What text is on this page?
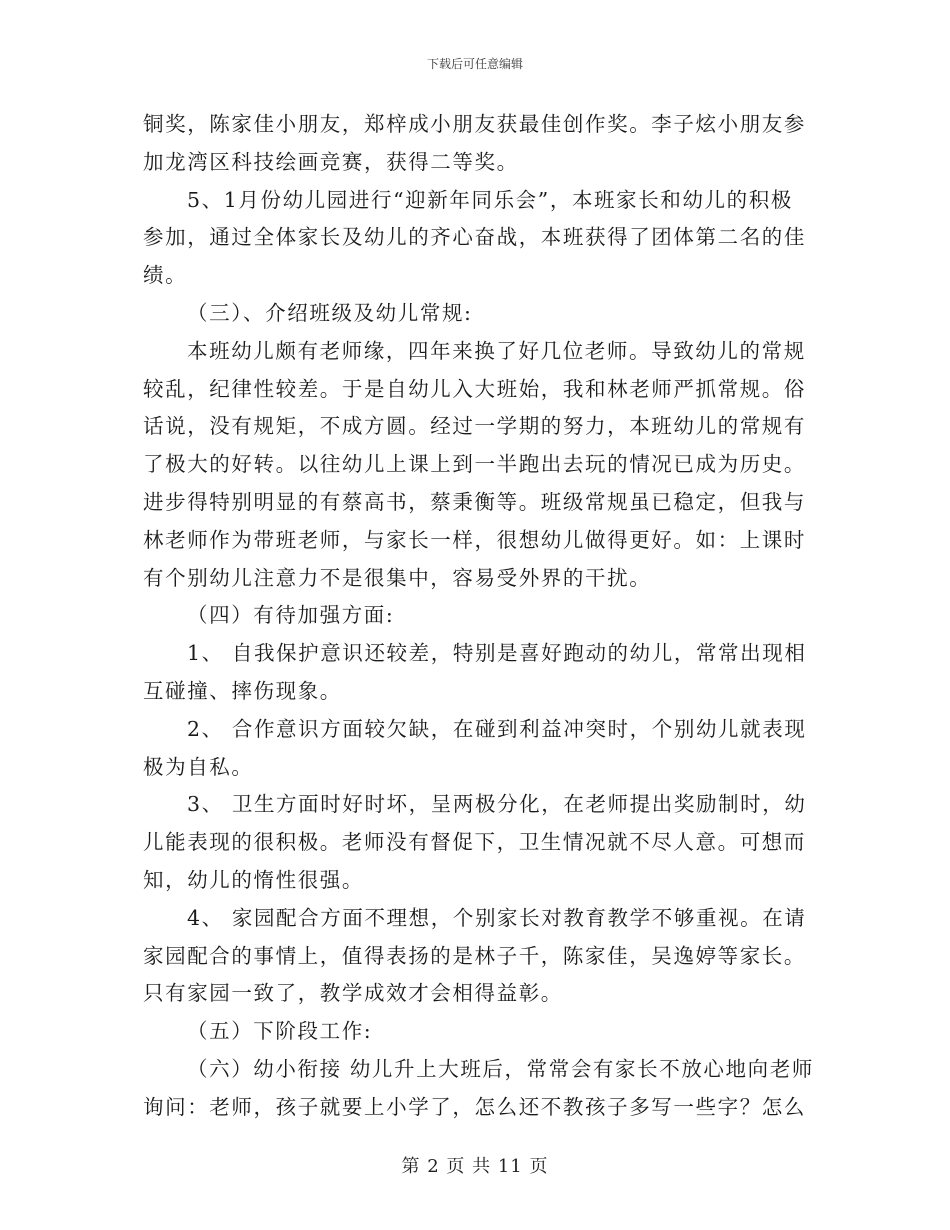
下载后可任意编辑
铜奖，陈家佳小朋友，郑梓成小朋友获最佳创作奖。李子炫小朋友参
加龙湾区科技绘画竞赛，获得二等奖。
5、1月份幼儿园进行“迎新年同乐会”，本班家长和幼儿的积极
参加，通过全体家长及幼儿的齐心奋战，本班获得了团体第二名的佳
绩。
（三）、介绍班级及幼儿常规:
本班幼儿颇有老师缘，四年来换了好几位老师。导致幼儿的常规
较乱，纪律性较差。于是自幼儿入大班始，我和林老师严抓常规。俗
话说，没有规矩，不成方圆。经过一学期的努力，本班幼儿的常规有
了极大的好转。以往幼儿上课上到一半跑出去玩的情况已成为历史。
进步得特别明显的有蔡高书，蔡秉衡等。班级常规虽已稳定，但我与
林老师作为带班老师，与家长一样，很想幼儿做得更好。如：上课时
有个别幼儿注意力不是很集中，容易受外界的干扰。
（四）有待加强方面:
1、 自我保护意识还较差，特别是喜好跑动的幼儿，常常出现相
互碰撞、摔伤现象。
2、 合作意识方面较欠缺，在碰到利益冲突时，个别幼儿就表现
极为自私。
3、 卫生方面时好时坏，呈两极分化，在老师提出奖励制时，幼
儿能表现的很积极。老师没有督促下，卫生情况就不尽人意。可想而
知，幼儿的惰性很强。
4、 家园配合方面不理想，个别家长对教育教学不够重视。在请
家园配合的事情上，值得表扬的是林子千，陈家佳，吴逸婷等家长。
只有家园一致了，教学成效才会相得益彰。
（五）下阶段工作:
（六）幼小衔接 幼儿升上大班后，常常会有家长不放心地向老师
询问：老师，孩子就要上小学了，怎么还不教孩子多写一些字？怎么
第 2 页 共 11 页
